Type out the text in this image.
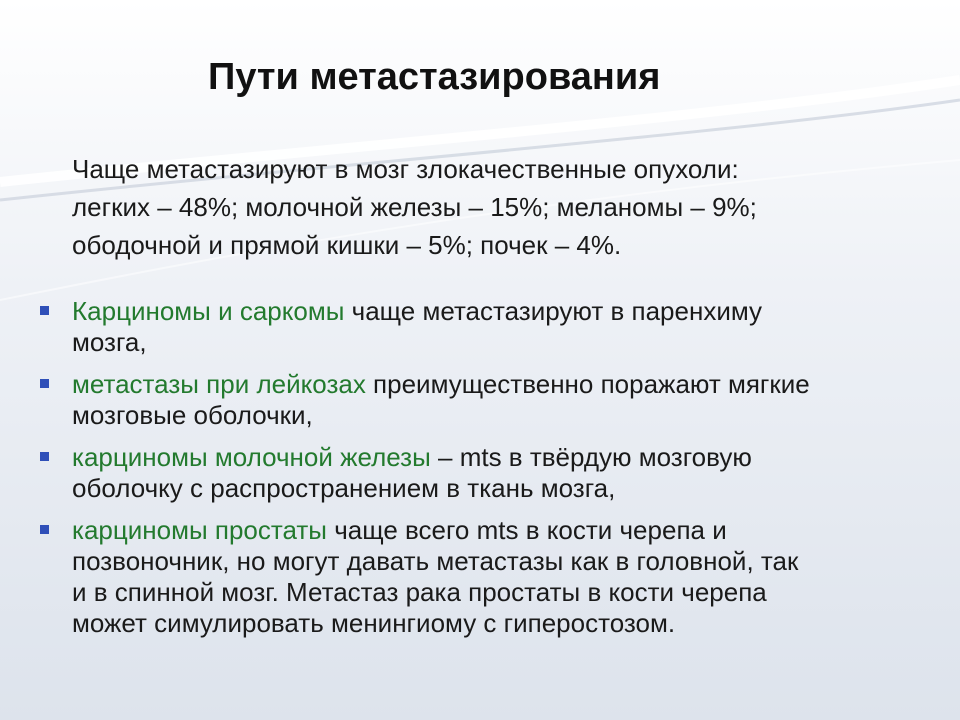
Пути метастазирования
Чаще метастазируют в мозг злокачественные опухоли:
легких – 48%; молочной железы – 15%; меланомы – 9%;
ободочной и прямой кишки – 5%; почек – 4%.
Карциномы и саркомы чаще метастазируют в паренхиму
мозга,
метастазы при лейкозах преимущественно поражают мягкие
мозговые оболочки,
карциномы молочной железы – mts в твёрдую мозговую
оболочку с распространением в ткань мозга,
карциномы простаты чаще всего mts в кости черепа и
позвоночник, но могут давать метастазы как в головной, так
и в спинной мозг. Метастаз рака простаты в кости черепа
может симулировать менингиому с гиперостозом.
